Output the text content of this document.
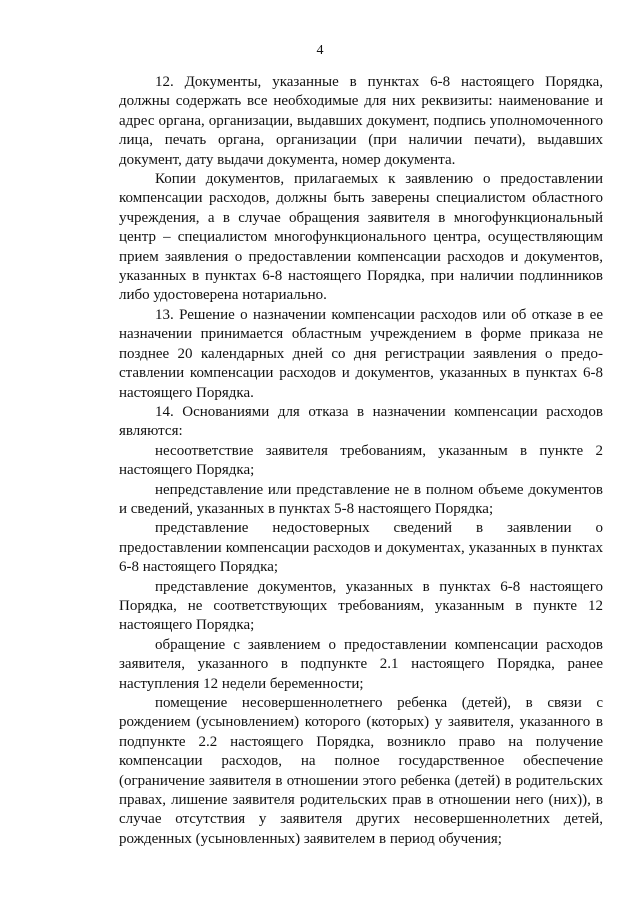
4

12. Документы, указанные в пунктах 6-8 настоящего Порядка, должны содержать все необходимые для них реквизиты: наименование и адрес органа, организации, выдавших документ, подпись уполномоченного лица, печать органа, организации (при наличии печати), выдавших документ, дату выдачи документа, номер документа.

Копии документов, прилагаемых к заявлению о предоставлении компенсации расходов, должны быть заверены специалистом областного учреждения, а в случае обращения заявителя в многофункциональный центр – специалистом многофункционального центра, осуществляющим прием заявления о предоставлении компенсации расходов и документов, указанных в пунктах 6-8 настоящего Порядка, при наличии подлинников либо удостоверена нотариально.

13. Решение о назначении компенсации расходов или об отказе в ее назначении принимается областным учреждением в форме приказа не позднее 20 календарных дней со дня регистрации заявления о предоставлении компенсации расходов и документов, указанных в пунктах 6-8 настоящего Порядка.

14. Основаниями для отказа в назначении компенсации расходов являются:

несоответствие заявителя требованиям, указанным в пункте 2 настоящего Порядка;

непредставление или представление не в полном объеме документов и сведений, указанных в пунктах 5-8 настоящего Порядка;

представление недостоверных сведений в заявлении о предоставлении компенсации расходов и документах, указанных в пунктах 6-8 настоящего Порядка;

представление документов, указанных в пунктах 6-8 настоящего Порядка, не соответствующих требованиям, указанным в пункте 12 настоящего Порядка;

обращение с заявлением о предоставлении компенсации расходов заявителя, указанного в подпункте 2.1 настоящего Порядка, ранее наступления 12 недели беременности;

помещение несовершеннолетнего ребенка (детей), в связи с рождением (усыновлением) которого (которых) у заявителя, указанного в подпункте 2.2 настоящего Порядка, возникло право на получение компенсации расходов, на полное государственное обеспечение (ограничение заявителя в отношении этого ребенка (детей) в родительских правах, лишение заявителя родительских прав в отношении него (них)), в случае отсутствия у заявителя других несовершеннолетних детей, рожденных (усыновленных) заявителем в период обучения;
